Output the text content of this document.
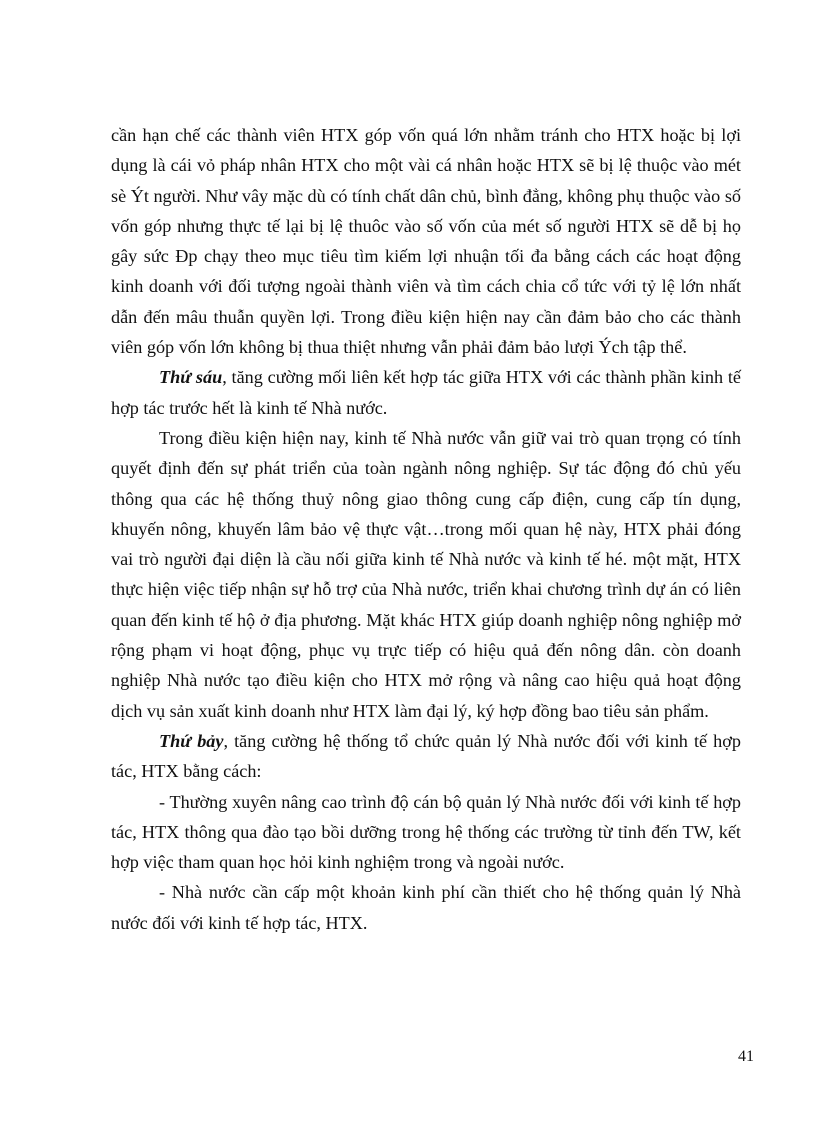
cần hạn chế các thành viên HTX góp vốn quá lớn nhằm tránh cho HTX hoặc bị lợi dụng là cái vỏ pháp nhân HTX cho một vài cá nhân hoặc HTX sẽ bị lệ thuộc vào mét sè Ýt người. Như vây mặc dù có tính chất dân chủ, bình đẳng, không phụ thuộc vào số vốn góp nhưng thực tế lại bị lệ thuôc vào số vốn của mét số người HTX sẽ dễ bị họ gây sức Ðp chạy theo mục tiêu tìm kiếm lợi nhuận tối đa bằng cách các hoạt động kinh doanh với đối tượng ngoài thành viên và tìm cách chia cổ tức với tỷ lệ lớn nhất dẫn đến mâu thuẫn quyền lợi. Trong điều kiện hiện nay cần đảm bảo cho các thành viên góp vốn lớn không bị thua thiệt nhưng vẫn phải đảm bảo lượi Ých tập thể.

Thứ sáu, tăng cường mối liên kết hợp tác giữa HTX với các thành phần kinh tế hợp tác trước hết là kinh tế Nhà nước.

Trong điều kiện hiện nay, kinh tế Nhà nước vẫn giữ vai trò quan trọng có tính quyết định đến sự phát triển của toàn ngành nông nghiệp. Sự tác động đó chủ yếu thông qua các hệ thống thuỷ nông giao thông cung cấp điện, cung cấp tín dụng, khuyến nông, khuyến lâm bảo vệ thực vật…trong mối quan hệ này, HTX phải đóng vai trò người đại diện là cầu nối giữa kinh tế Nhà nước và kinh tế hé. một mặt, HTX thực hiện việc tiếp nhận sự hỗ trợ của Nhà nước, triển khai chương trình dự án có liên quan đến kinh tế hộ ở địa phương. Mặt khác HTX giúp doanh nghiệp nông nghiệp mở rộng phạm vi hoạt động, phục vụ trực tiếp có hiệu quả đến nông dân. còn doanh nghiệp Nhà nước tạo điều kiện cho HTX mở rộng và nâng cao hiệu quả hoạt động dịch vụ sản xuất kinh doanh như HTX làm đại lý, ký hợp đồng bao tiêu sản phẩm.

Thứ bảy, tăng cường hệ thống tổ chức quản lý Nhà nước đối với kinh tế hợp tác, HTX bằng cách:

- Thường xuyên nâng cao trình độ cán bộ quản lý Nhà nước đối với kinh tế hợp tác, HTX thông qua đào tạo bồi dưỡng trong hệ thống các trường từ tỉnh đến TW, kết hợp việc tham quan học hỏi kinh nghiệm trong và ngoài nước.

- Nhà nước cần cấp một khoản kinh phí cần thiết cho hệ thống quản lý Nhà nước đối với kinh tế hợp tác, HTX.

41
